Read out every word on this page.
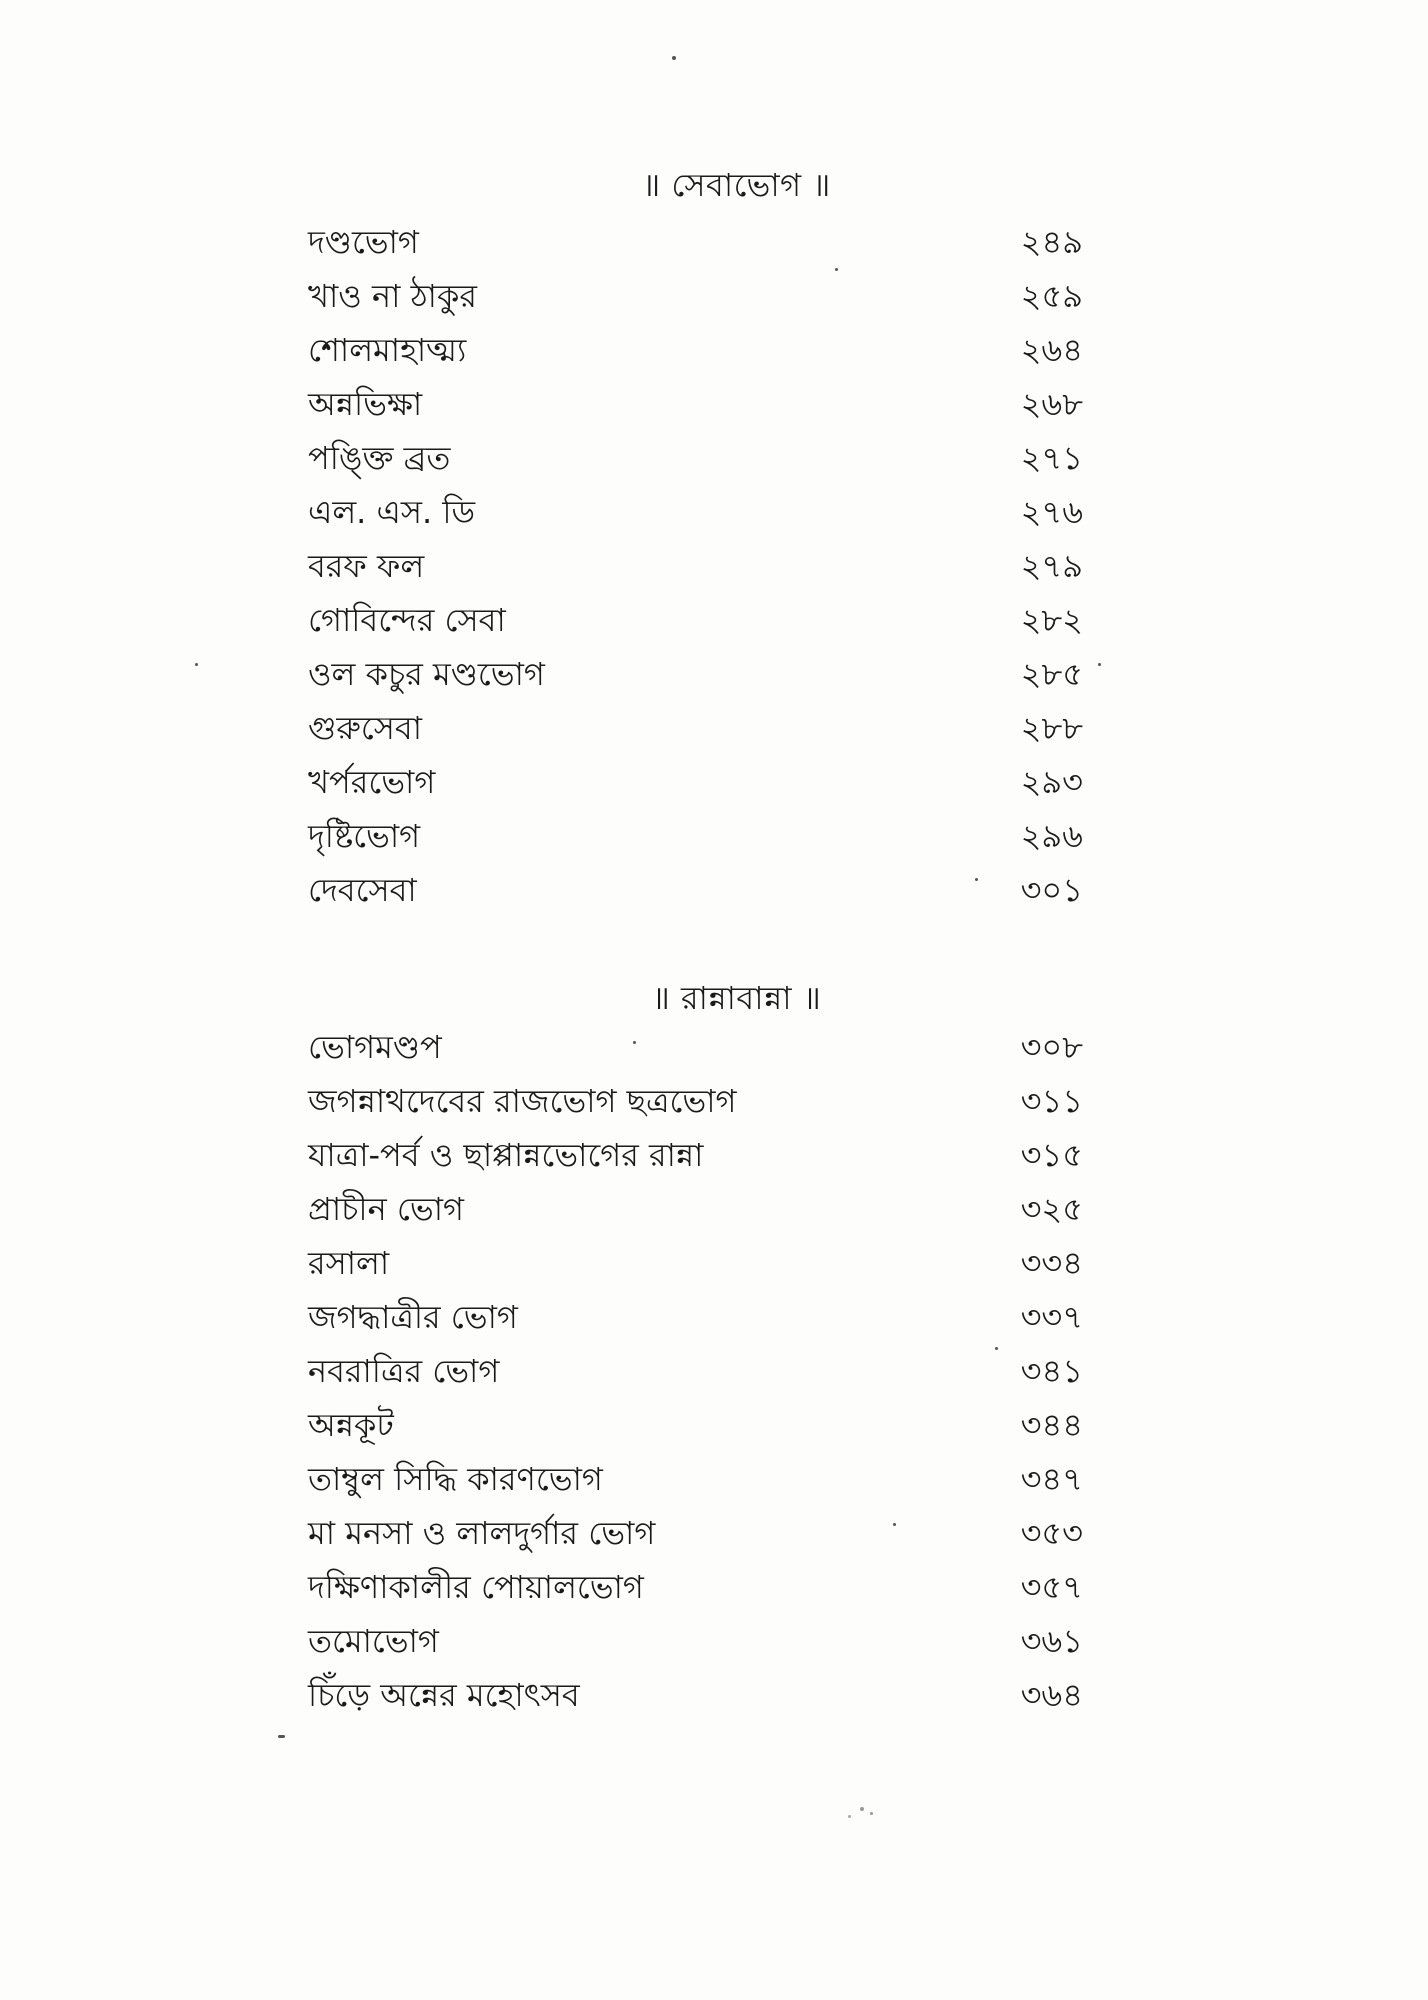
॥ সেবাভোগ ॥
দণ্ডভোগ	২৪৯
খাও না ঠাকুর	২৫৯
শোলমাহাত্ম্য	২৬৪
অন্নভিক্ষা	২৬৮
পঙ্ক্তি ব্রত	২৭১
এল. এস. ডি	২৭৬
বরফ ফল	২৭৯
গোবিন্দের সেবা	২৮২
ওল কচুর মণ্ডভোগ	২৮৫
গুরুসেবা	২৮৮
খর্পরভোগ	২৯৩
দৃষ্টিভোগ	২৯৬
দেবসেবা	৩০১
॥ রান্নাবান্না ॥
ভোগমণ্ডপ	৩০৮
জগন্নাথদেবের রাজভোগ ছত্রভোগ	৩১১
যাত্রা-পর্ব ও ছাপ্পান্নভোগের রান্না	৩১৫
প্রাচীন ভোগ	৩২৫
রসালা	৩৩৪
জগদ্ধাত্রীর ভোগ	৩৩৭
নবরাত্রির ভোগ	৩৪১
অন্নকূট	৩৪৪
তাম্বুল সিদ্ধি কারণভোগ	৩৪৭
মা মনসা ও লালদুর্গার ভোগ	৩৫৩
দক্ষিণাকালীর পোয়ালভোগ	৩৫৭
তমোভোগ	৩৬১
চিঁড়ে অন্নের মহোৎসব	৩৬৪
